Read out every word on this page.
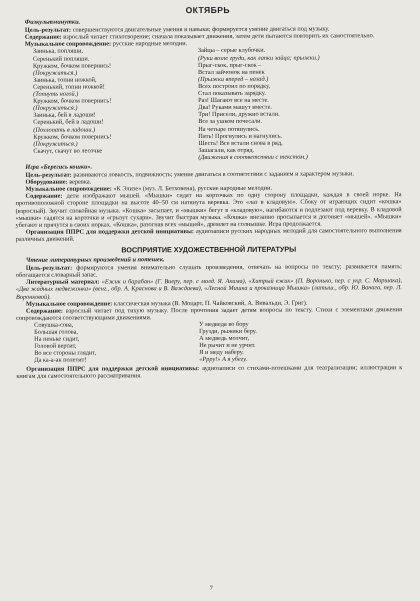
ОКТЯБРЬ
Физкультминутки.

Цель-результат: совершенствуются двигательные умения и навыки; формируется умение двигаться под музыку.

Содержание: взрослый читает стихотворение; сначала показывает движения, затем дети пытаются повторить их самостоятельно.

Музыкальное сопровождение: русские народные мелодии.

Заинька, попляши,
Серенький попляши.
Кружком, бочком повернись!
(Покружиться.)
Заинька, топни ножкой,
Серенький, топни ножкой!
(Топнуть ногой.)
Кружком, бочком повернись!
(Покружиться.)
Заинька, бей в ладоши!
Серенький, бей в ладоши!
(Похлопать в ладоши.)
Кружком, бочком повернись!
(Покружиться.)
Скачут, скачут во лесочке
Зайцы – серые клубочки.
(Руки возле груди, как лапки зайца; прыжки.)
Прыг-скок, прыг-скок –
Встал зайчонок на пенек
(Прыжки вперед – назад.)
Всех построил по порядку,
Стал показывать зарядку.
Раз! Шагают все на месте.
Два! Руками машут вместе.
Три! Присели, дружно встали.
Все за ушком почесали.
На четыре потянулись.
Пять! Прогнулись и нагнулись.
Шесть! Все встали снова в ряд,
Зашагали, как отряд.
(Движения в соответствии с текстом.)
Игра «Берегись кошки».

Цель-результат: развиваются ловкость, подвижность; умение двигаться в соответствии с заданием и характером музыки.

Оборудование: веревка.

Музыкальное сопровождение: «К Элизе» (муз. Л. Бетховена), русские народные мелодии.

Содержание: дети изображают мышей. «Мышки» сидят на корточках по одну сторону площадки, каждая в своей норке. На противоположной стороне площадки на высоте 40–50 см натянута веревка. Это «лаз в кладовую». Сбоку от играющих сидит «кошка» (взрослый). Звучит спокойная музыка. «Кошка» засыпает, и «мышки» бегут в «кладовую», нагибаются и подлезают под веревку. В кладовой «мышки» садятся на корточки и «грызут сухари». Звучит быстрая музыка. «Кошка» внезапно просыпается и догоняет «мышей». «Мышки» убегают и прячутся в своих норках. «Кошка», разогнав всех «мышей», дремлет на солнышке. Игра продолжается.

Организация ППРС для поддержки детской инициативы: аудиозаписи русских народных мелодий для самостоятельного выполнения различных движений.

ВОСПРИЯТИЕ ХУДОЖЕСТВЕННОЙ ЛИТЕРАТУРЫ
Чтение литературных произведений и потешек.

Цель-результат: формируются умения внимательно слушать произведения, отвечать на вопросы по тексту; развивается память; обогащается словарный запас.

Литературный материал: «Ежик и барабан» (Г. Виеру, пер. с молд. Я. Акима), «Хитрый ежик» (П. Воронько, пер. с укр. С. Маршака), «Два жадных медвежонка» (венг., обр. А. Краснова и В. Важдаева), «Лесной Мишка и проказница Мышка» (латыш., обр. Ю. Ванага, пер. Л. Воронковой).

Музыкальное сопровождение: классическая музыка (В. Моцарт, П. Чайковский, А. Вивальди, Э. Григ).

Содержание: взрослый читает под тихую музыку. После прочтения задает детям вопросы по тексту. Стихи с элементами движения сопровождаются соответствующими движениями.

Совушка-сова,
Большая голова,
На пеньке сидит,
Головой вертит,
Во все стороны глядит,
Да ка-а-ак полетит!
У медведя во бору
Грузди, рыжики беру.
А медведь молчит,
Не рычит и не урчит.
Я и меду наберу.
«Ррру!» А я убегу.

Организация ППРС для поддержки детской инициативы: аудиозаписи со стихами-потешками для театрализации; иллюстрации к книгам для самостоятельного рассматривания.

7
